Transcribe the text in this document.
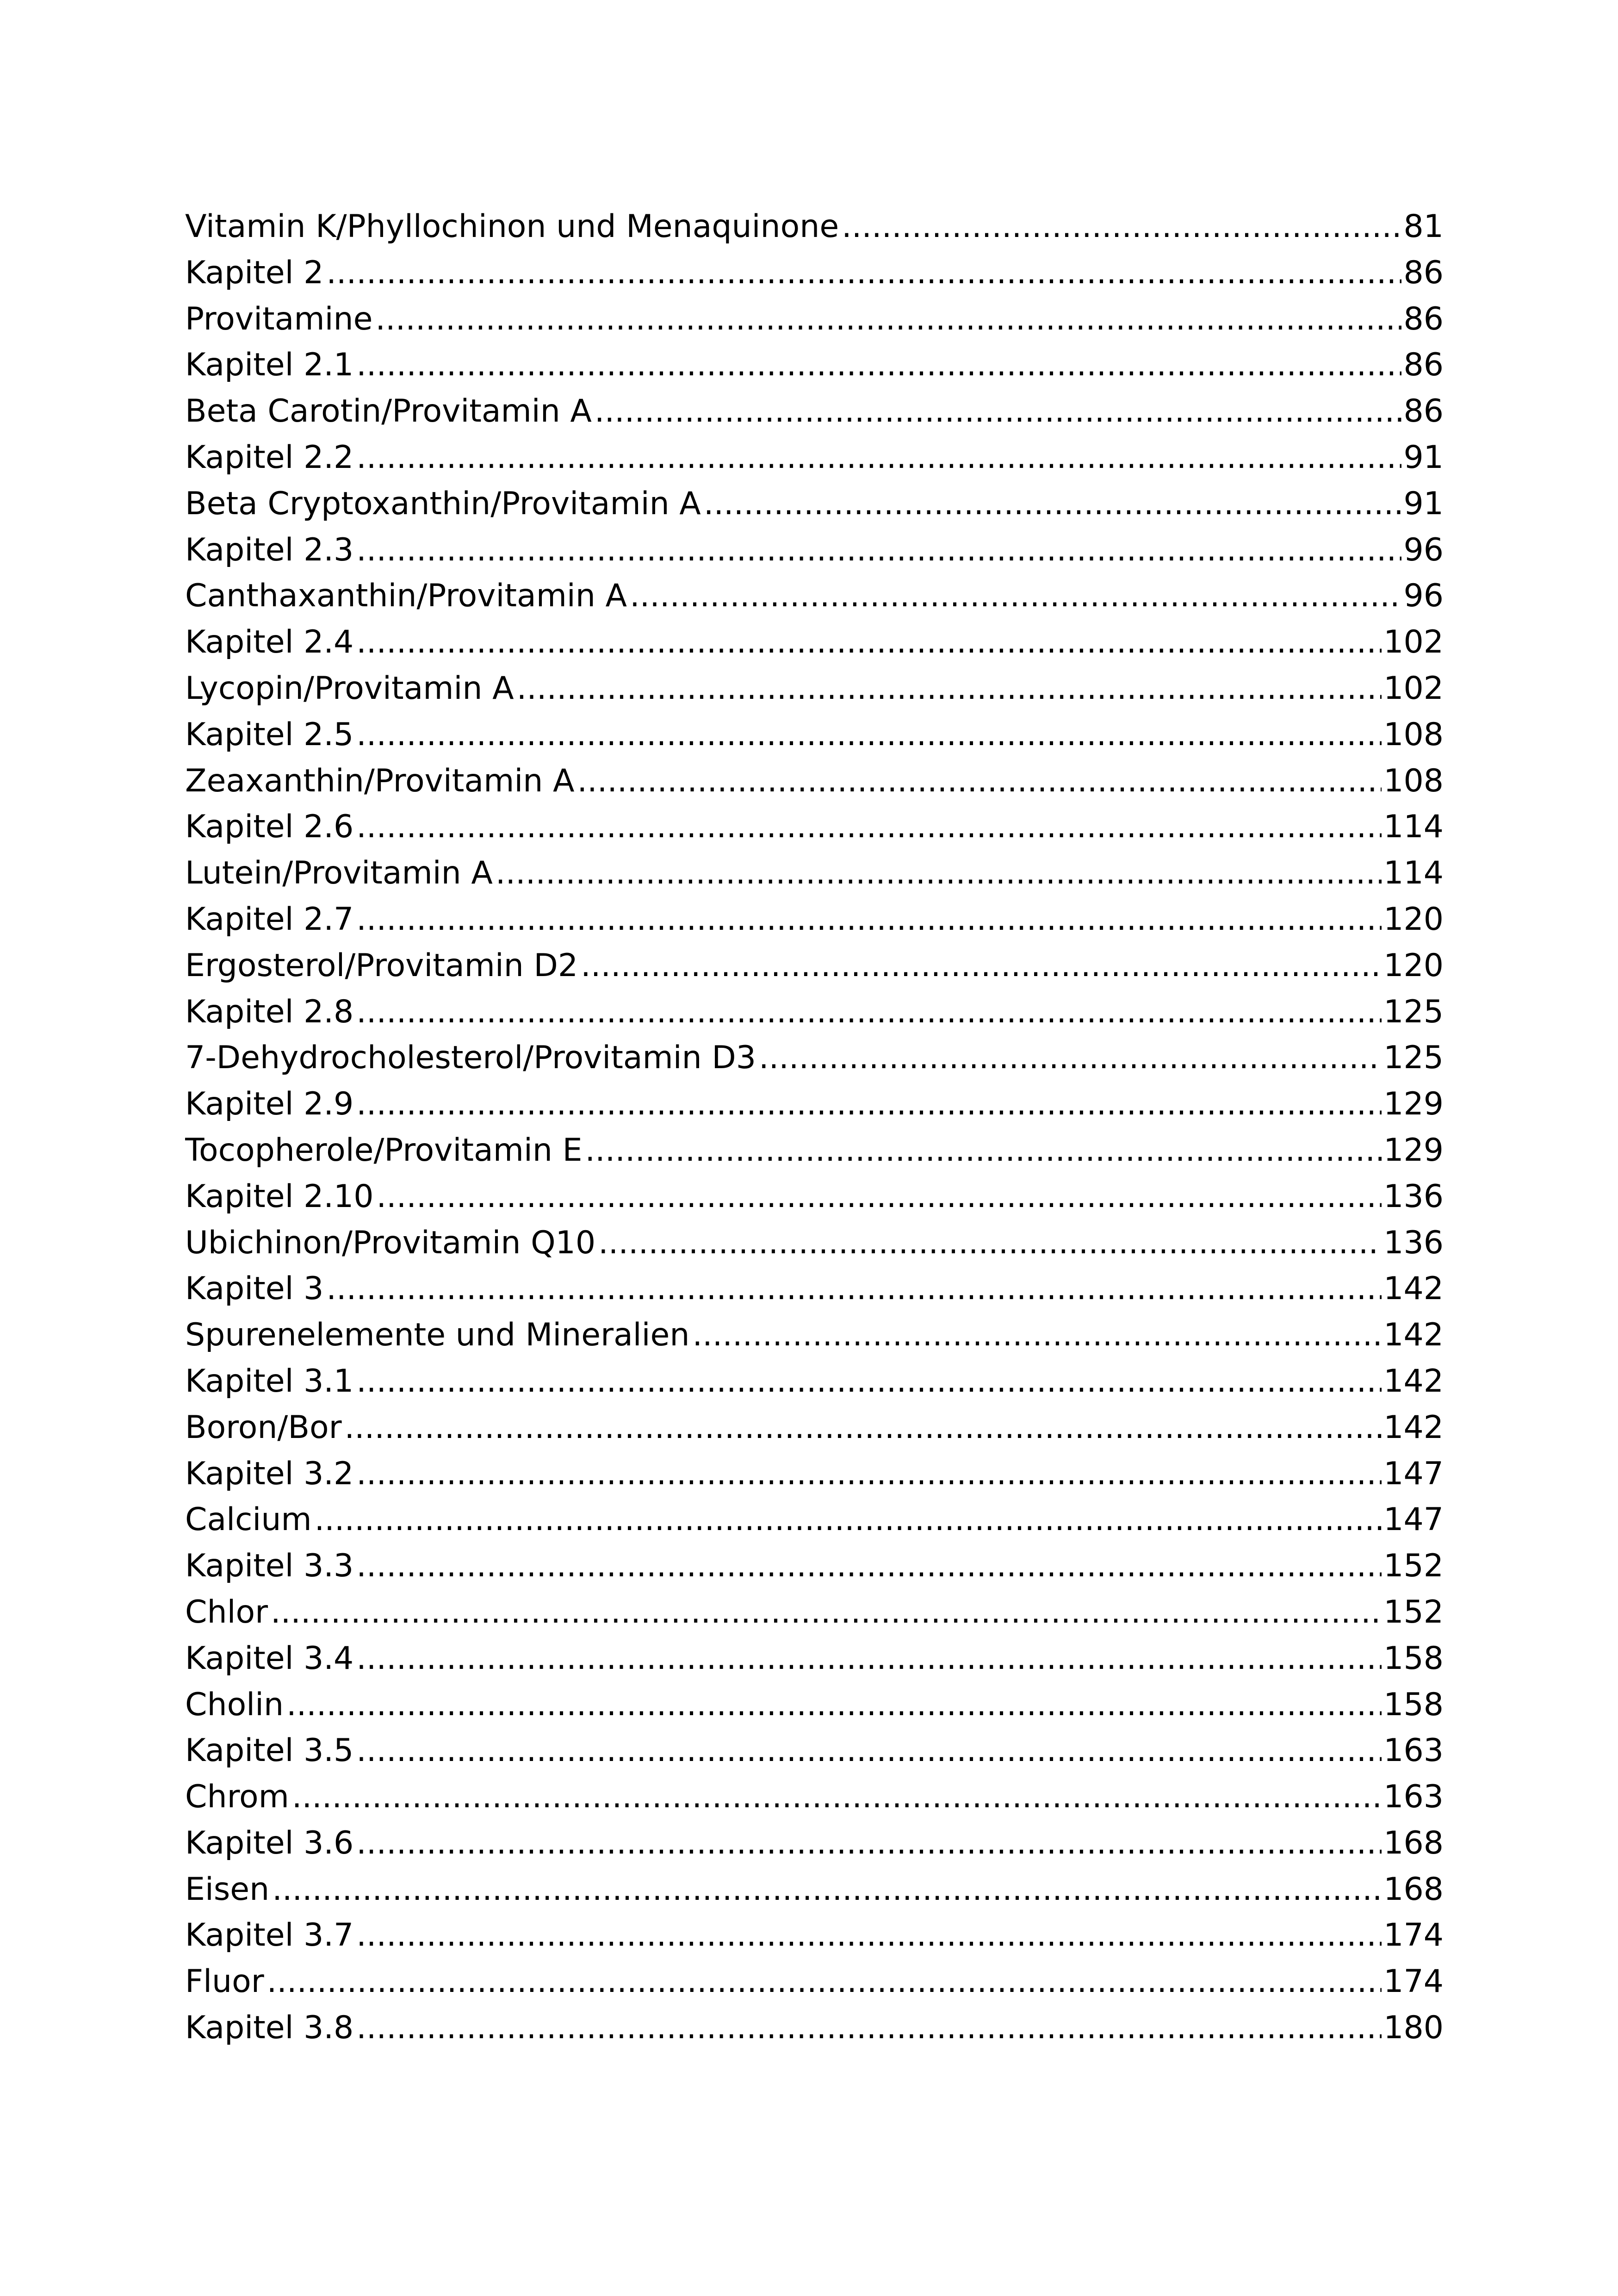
Vitamin K/Phyllochinon und Menaquinone .....	81
Kapitel 2 .....	86
Provitamine .....	86
Kapitel 2.1 .....	86
Beta Carotin/Provitamin A .....	86
Kapitel 2.2 .....	91
Beta Cryptoxanthin/Provitamin A .....	91
Kapitel 2.3 .....	96
Canthaxanthin/Provitamin A .....	96
Kapitel 2.4 .....	102
Lycopin/Provitamin A .....	102
Kapitel 2.5 .....	108
Zeaxanthin/Provitamin A .....	108
Kapitel 2.6 .....	114
Lutein/Provitamin A .....	114
Kapitel 2.7 .....	120
Ergosterol/Provitamin D2 .....	120
Kapitel 2.8 .....	125
7-Dehydrocholesterol/Provitamin D3 .....	125
Kapitel 2.9 .....	129
Tocopherole/Provitamin E .....	129
Kapitel 2.10 .....	136
Ubichinon/Provitamin Q10 .....	136
Kapitel 3 .....	142
Spurenelemente und Mineralien .....	142
Kapitel 3.1 .....	142
Boron/Bor .....	142
Kapitel 3.2 .....	147
Calcium .....	147
Kapitel 3.3 .....	152
Chlor .....	152
Kapitel 3.4 .....	158
Cholin .....	158
Kapitel 3.5 .....	163
Chrom .....	163
Kapitel 3.6 .....	168
Eisen .....	168
Kapitel 3.7 .....	174
Fluor .....	174
Kapitel 3.8 .....	180
